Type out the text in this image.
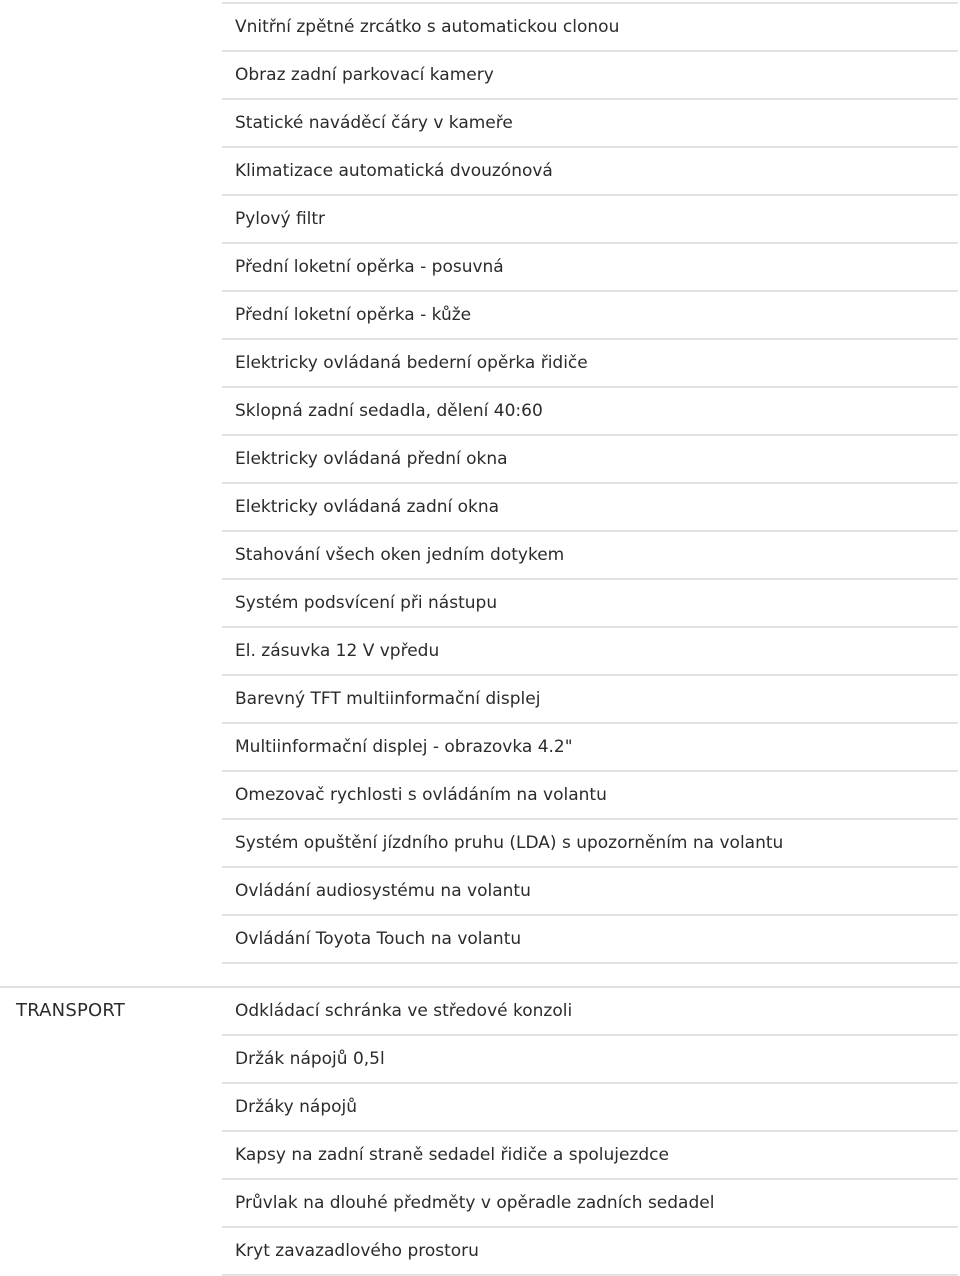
Vnitřní zpětné zrcátko s automatickou clonou
Obraz zadní parkovací kamery
Statické naváděcí čáry v kameře
Klimatizace automatická dvouzónová
Pylový filtr
Přední loketní opěrka - posuvná
Přední loketní opěrka - kůže
Elektricky ovládaná bederní opěrka řidiče
Sklopná zadní sedadla, dělení 40:60
Elektricky ovládaná přední okna
Elektricky ovládaná zadní okna
Stahování všech oken jedním dotykem
Systém podsvícení při nástupu
El. zásuvka 12 V vpředu
Barevný TFT multiinformační displej
Multiinformační displej - obrazovka 4.2"
Omezovač rychlosti s ovládáním na volantu
Systém opuštění jízdního pruhu (LDA) s upozorněním na volantu
Ovládání audiosystému na volantu
Ovládání Toyota Touch na volantu
TRANSPORT	Odkládací schránka ve středové konzoli
Držák nápojů 0,5l
Držáky nápojů
Kapsy na zadní straně sedadel řidiče a spolujezdce
Průvlak na dlouhé předměty v opěradle zadních sedadel
Kryt zavazadlového prostoru
